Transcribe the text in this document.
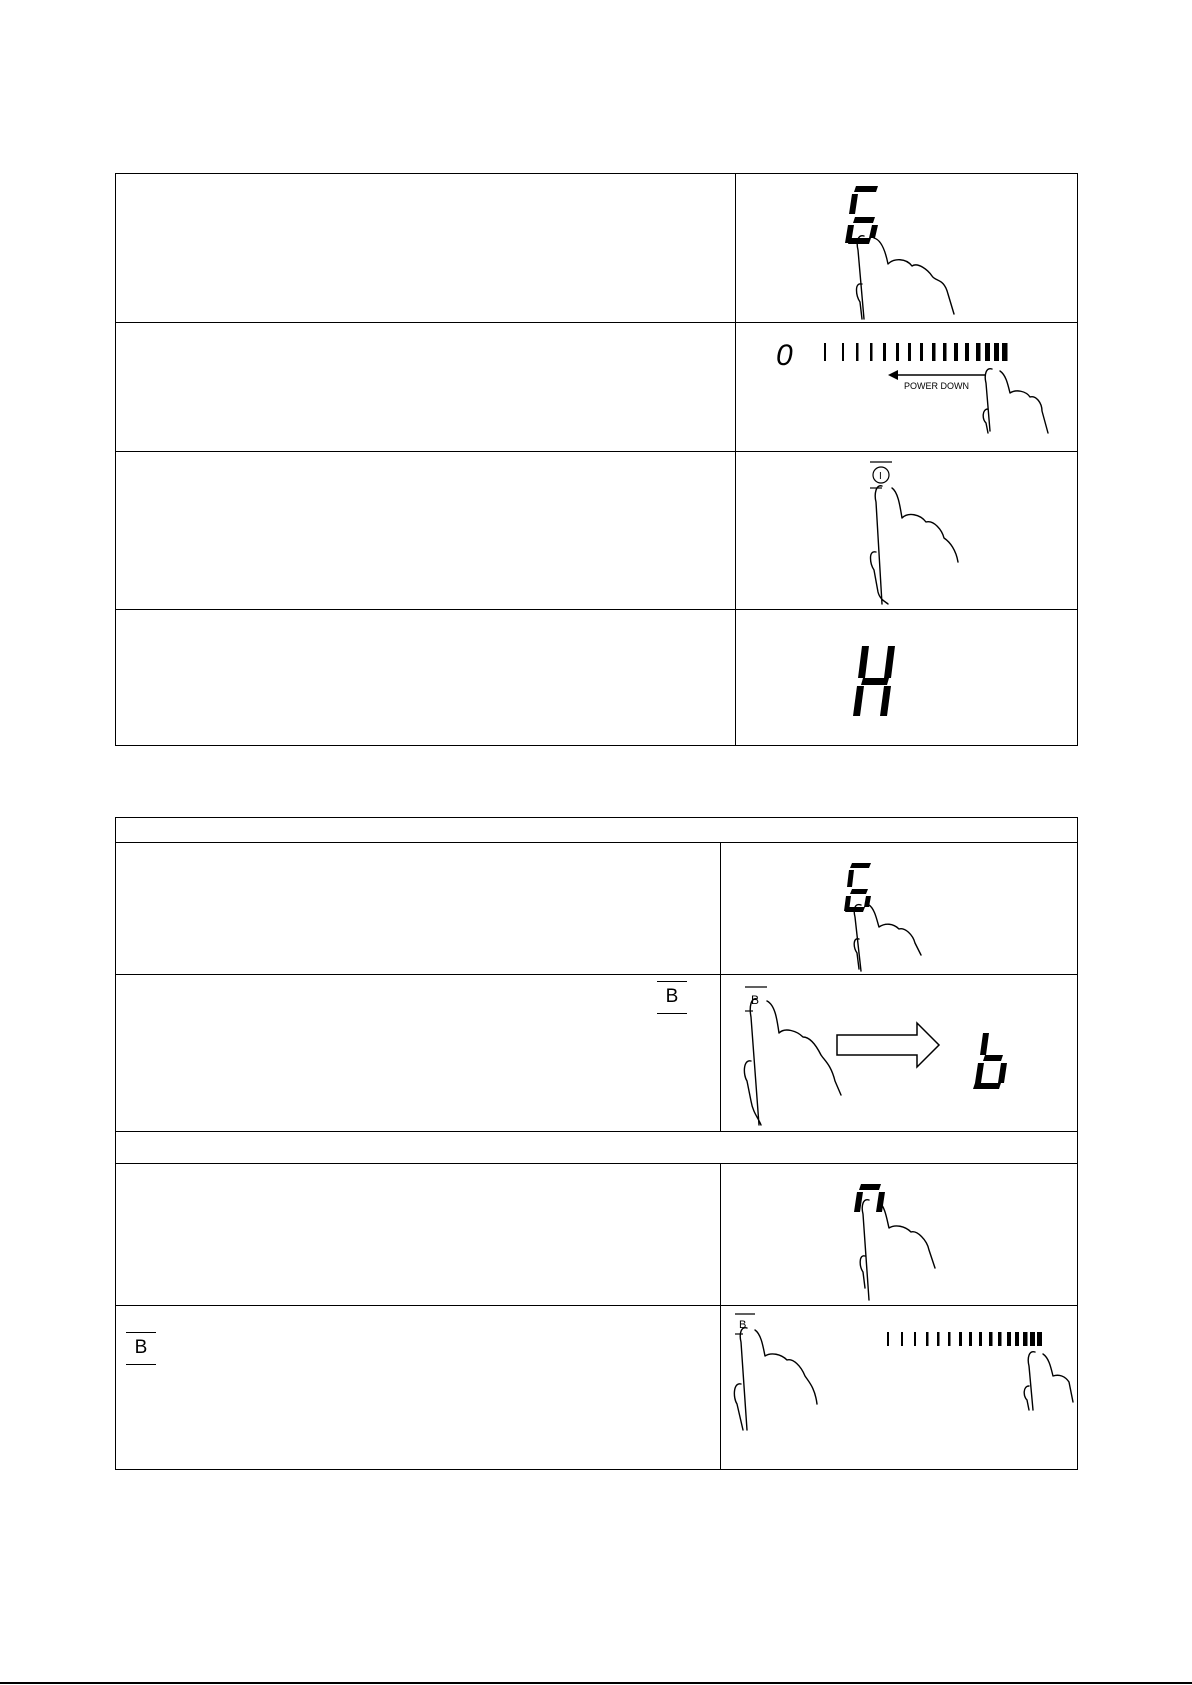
0
POWER DOWN

I

B	B

B	B
